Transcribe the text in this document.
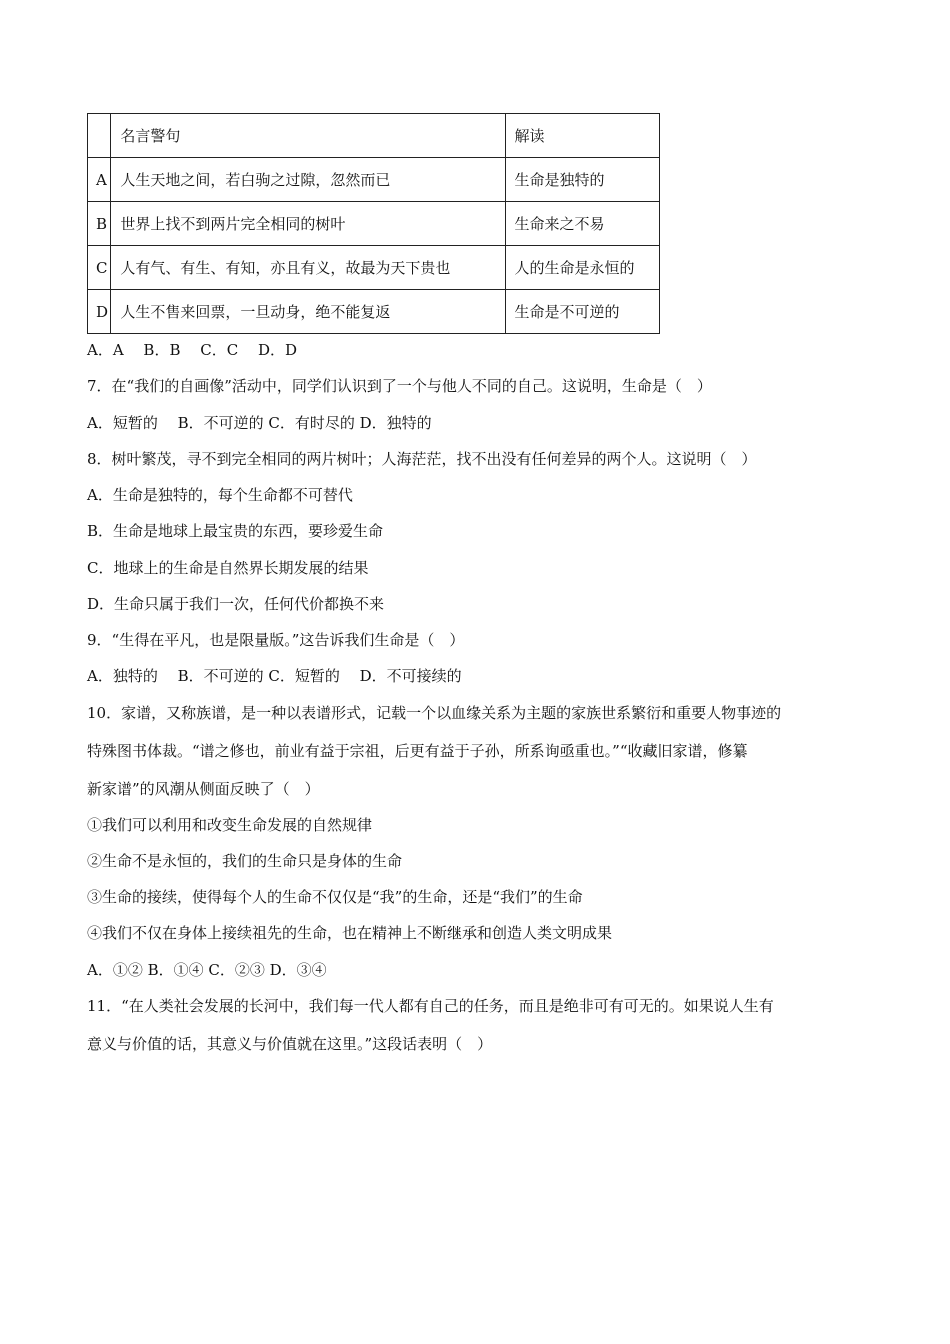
	名言警句	解读
A	人生天地之间，若白驹之过隙，忽然而已	生命是独特的
B	世界上找不到两片完全相同的树叶	生命来之不易
C	人有气、有生、有知，亦且有义，故最为天下贵也	人的生命是永恒的
D	人生不售来回票，一旦动身，绝不能复返	生命是不可逆的
A．A　 B．B　 C．C　 D．D
7．在“我们的自画像”活动中，同学们认识到了一个与他人不同的自己。这说明，生命是（　）
A．短暂的　 B．不可逆的 C．有时尽的 D．独特的
8．树叶繁茂，寻不到完全相同的两片树叶；人海茫茫，找不出没有任何差异的两个人。这说明（　）
A．生命是独特的，每个生命都不可替代
B．生命是地球上最宝贵的东西，要珍爱生命
C．地球上的生命是自然界长期发展的结果
D．生命只属于我们一次，任何代价都换不来
9．“生得在平凡，也是限量版。”这告诉我们生命是（　）
A．独特的　 B．不可逆的 C．短暂的　 D．不可接续的
10．家谱，又称族谱，是一种以表谱形式，记载一个以血缘关系为主题的家族世系繁衍和重要人物事迹的
特殊图书体裁。“谱之修也，前业有益于宗祖，后更有益于子孙，所系询亟重也。”“收藏旧家谱，修纂
新家谱”的风潮从侧面反映了（　）
①我们可以利用和改变生命发展的自然规律
②生命不是永恒的，我们的生命只是身体的生命
③生命的接续，使得每个人的生命不仅仅是“我”的生命，还是“我们”的生命
④我们不仅在身体上接续祖先的生命，也在精神上不断继承和创造人类文明成果
A．①② B．①④ C．②③ D．③④
11．“在人类社会发展的长河中，我们每一代人都有自己的任务，而且是绝非可有可无的。如果说人生有
意义与价值的话，其意义与价值就在这里。”这段话表明（　）
